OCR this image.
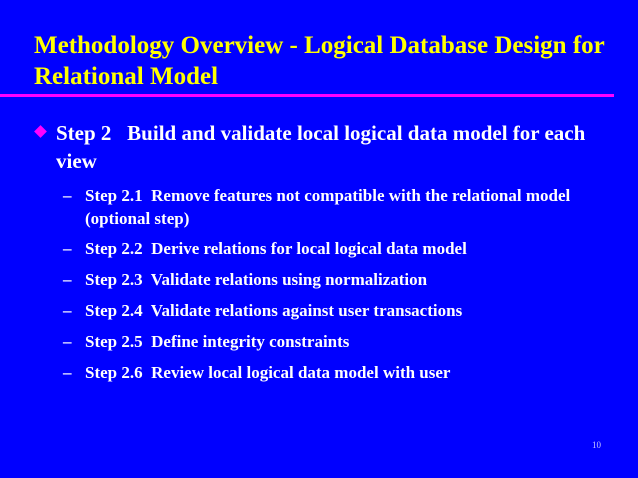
Methodology Overview - Logical Database Design for Relational Model
Step 2   Build and validate local logical data model for each view
– Step 2.1  Remove features not compatible with the relational model (optional step)
– Step 2.2  Derive relations for local logical data model
– Step 2.3  Validate relations using normalization
– Step 2.4  Validate relations against user transactions
– Step 2.5  Define integrity constraints
– Step 2.6  Review local logical data model with user
10
